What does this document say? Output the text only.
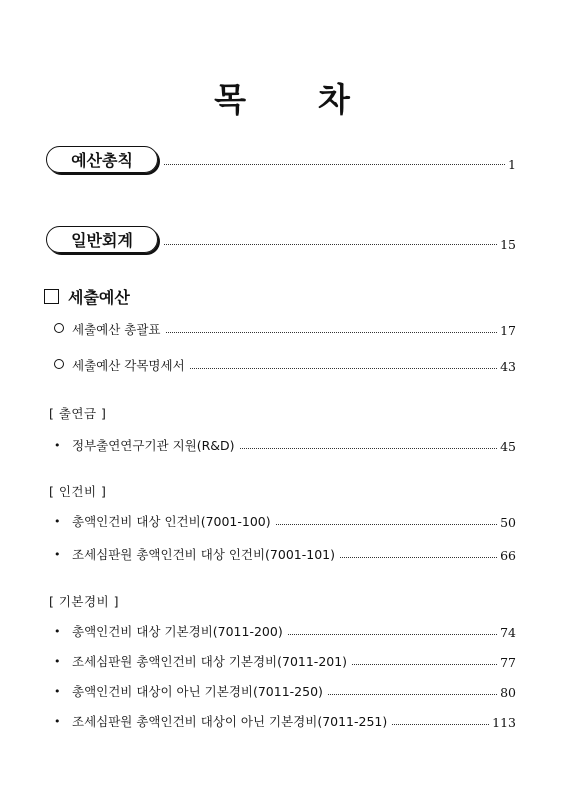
목 차
예산총칙	1
일반회계	15
세출예산
세출예산 총괄표	17
세출예산 각목명세서	43
[ 출연금 ]
• 정부출연연구기관 지원(R&D)	45
[ 인건비 ]
• 총액인건비 대상 인건비(7001-100)	50
• 조세심판원 총액인건비 대상 인건비(7001-101)	66
[ 기본경비 ]
• 총액인건비 대상 기본경비(7011-200)	74
• 조세심판원 총액인건비 대상 기본경비(7011-201)	77
• 총액인건비 대상이 아닌 기본경비(7011-250)	80
• 조세심판원 총액인건비 대상이 아닌 기본경비(7011-251)	113
